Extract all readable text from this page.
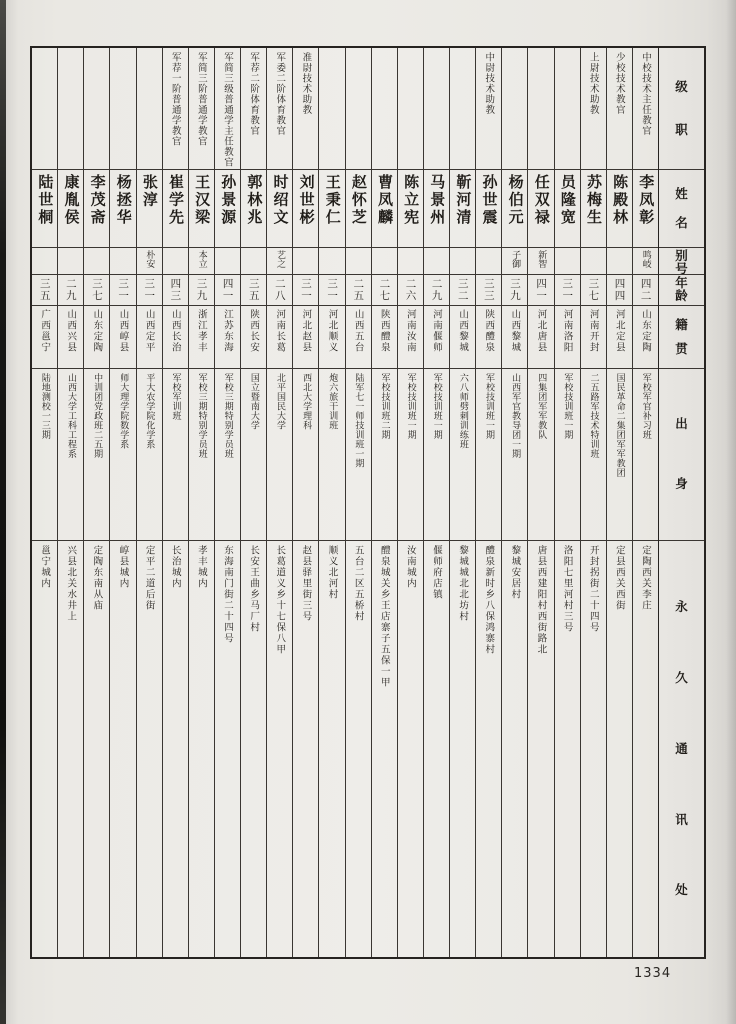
级
职
姓
名
别
号
年
龄
籍
贯
出
身
永
久
通
讯
处
中校技术主任教官
李凤彰
鸣岐
四二
山东定陶
军校军官补习班
定陶西关李庄
少校技术教官
陈殿林
四四
河北定县
国民革命二集团军军教团
定县西关西街
上尉技术助教
苏梅生
三七
河南开封
二五路军技术特训班
开封拐街二十四号
员隆宽
三一
河南洛阳
军校技训班一期
洛阳七里河村三号
任双禄
新智
四一
河北唐县
四集团军军教队
唐县西建阳村西街路北
杨伯元
子御
三九
山西黎城
山西军官教导团一期
黎城安居村
中尉技术助教
孙世震
三三
陕西醴泉
军校技训班一期
醴泉新时乡八保鸿寨村
靳河清
三二
山西黎城
六八师劈刺训练班
黎城城北北坊村
马景州
二九
河南偃师
军校技训班一期
偃师府店镇
陈立宪
二六
河南汝南
军校技训班一期
汝南城内
曹凤麟
二七
陕西醴泉
军校技训班二期
醴泉城关乡王店寨子五保一甲
赵怀芝
二五
山西五台
陆军七一师技训班一期
五台二区五桥村
王秉仁
三一
河北顺义
炮六旅干训班
顺义北河村
准尉技术助教
刘世彬
三一
河北赵县
西北大学理科
赵县驿里街三号
军委二阶体育教官
时绍文
艺之
二八
河南长葛
北平国民大学
长葛道义乡十七保八甲
军荐二阶体育教官
郭林兆
三五
陕西长安
国立暨南大学
长安王曲乡马厂村
军简三级普通学主任教官
孙景源
四一
江苏东海
军校三期特别学员班
东海南门街二十四号
军简三阶普通学教官
王汉梁
本立
三九
浙江孝丰
军校三期特别学员班
孝丰城内
军荐一阶普通学教官
崔学先
四三
山西长治
军校军训班
长治城内
张淳
朴安
三一
山西定平
平大农学院化学系
定平二道后街
杨拯华
三一
山西崞县
师大理学院数学系
崞县城内
李茂斋
三七
山东定陶
中训团党政班二五期
定陶东南从庙
康胤侯
二九
山西兴县
山西大学工科工程系
兴县北关水井上
陆世桐
三五
广西邕宁
陆地测校一三期
邕宁城内
1334
